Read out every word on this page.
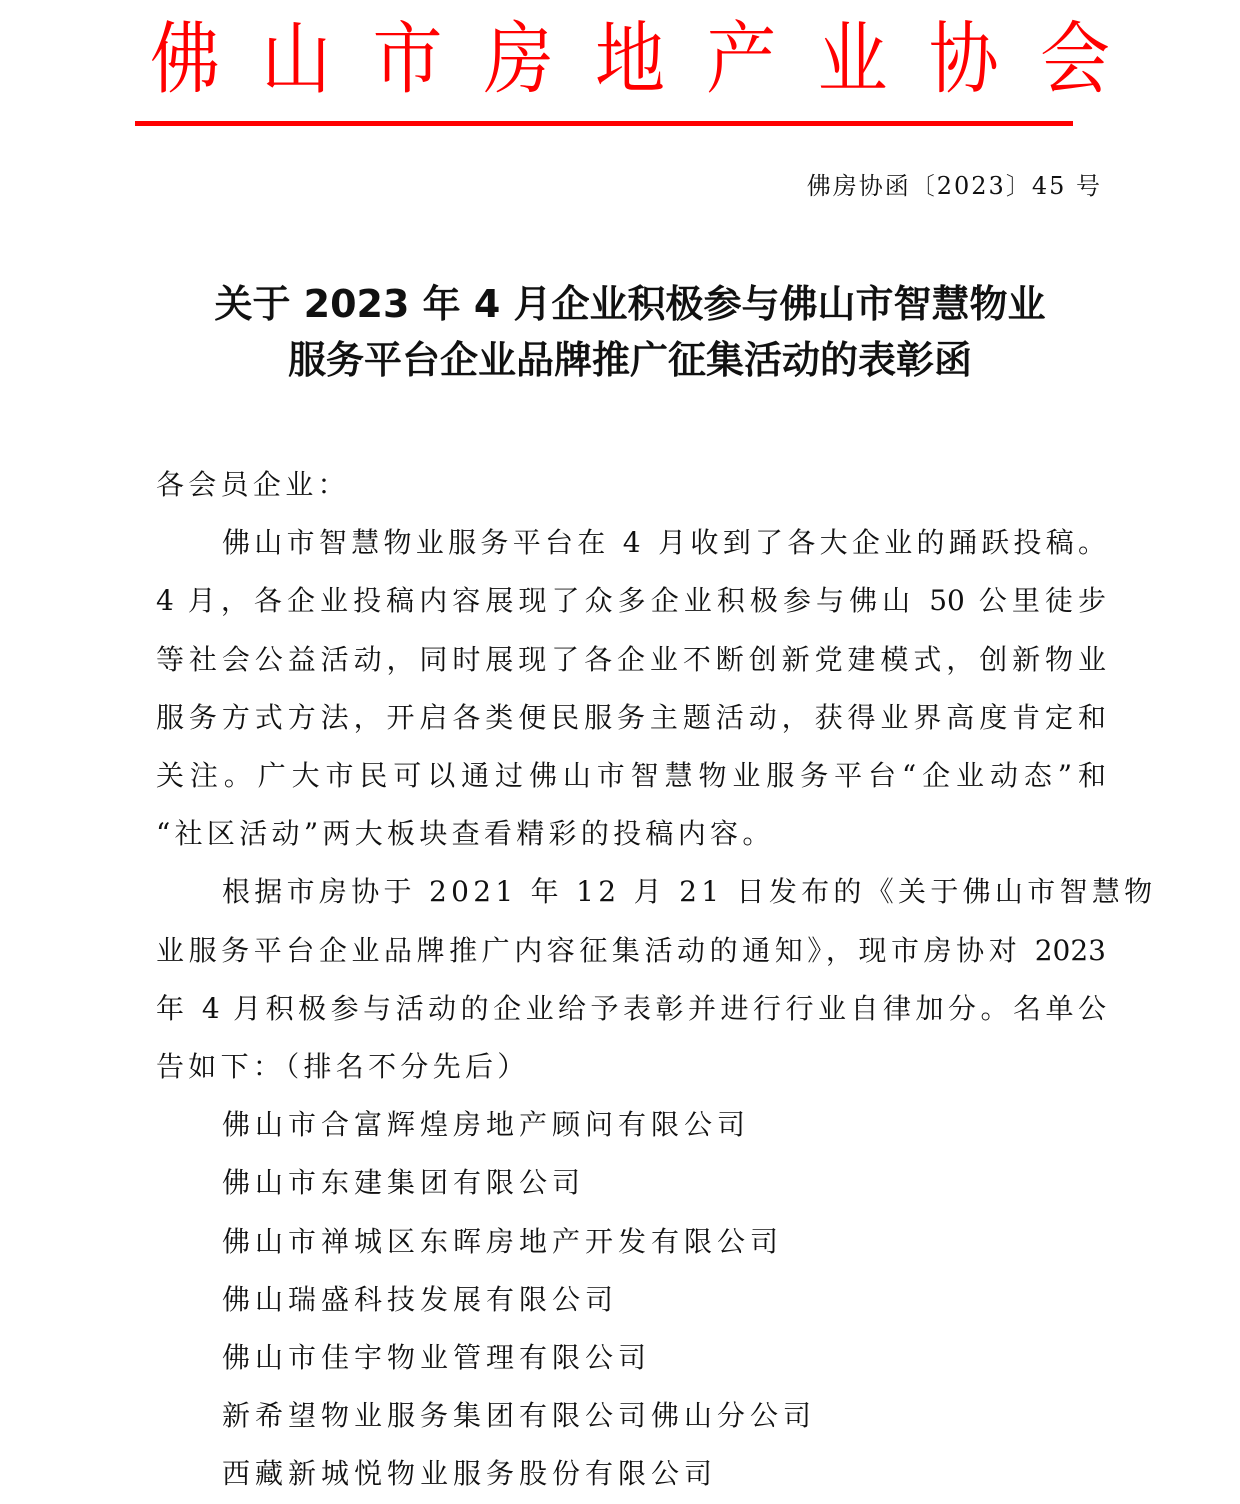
佛 山 市 房 地 产 业 协 会
佛房协函〔2023〕45 号
关于 2023 年 4 月企业积极参与佛山市智慧物业
服务平台企业品牌推广征集活动的表彰函
各会员企业：
佛山市智慧物业服务平台在 4 月收到了各大企业的踊跃投稿。
4 月，各企业投稿内容展现了众多企业积极参与佛山 50 公里徒步
等社会公益活动，同时展现了各企业不断创新党建模式，创新物业
服务方式方法，开启各类便民服务主题活动，获得业界高度肯定和
关注。广大市民可以通过佛山市智慧物业服务平台“企业动态”和
“社区活动”两大板块查看精彩的投稿内容。
根据市房协于 2021 年 12 月 21 日发布的《关于佛山市智慧物
业服务平台企业品牌推广内容征集活动的通知》，现市房协对 2023
年 4 月积极参与活动的企业给予表彰并进行行业自律加分。名单公
告如下：（排名不分先后）
佛山市合富辉煌房地产顾问有限公司
佛山市东建集团有限公司
佛山市禅城区东晖房地产开发有限公司
佛山瑞盛科技发展有限公司
佛山市佳宇物业管理有限公司
新希望物业服务集团有限公司佛山分公司
西藏新城悦物业服务股份有限公司
